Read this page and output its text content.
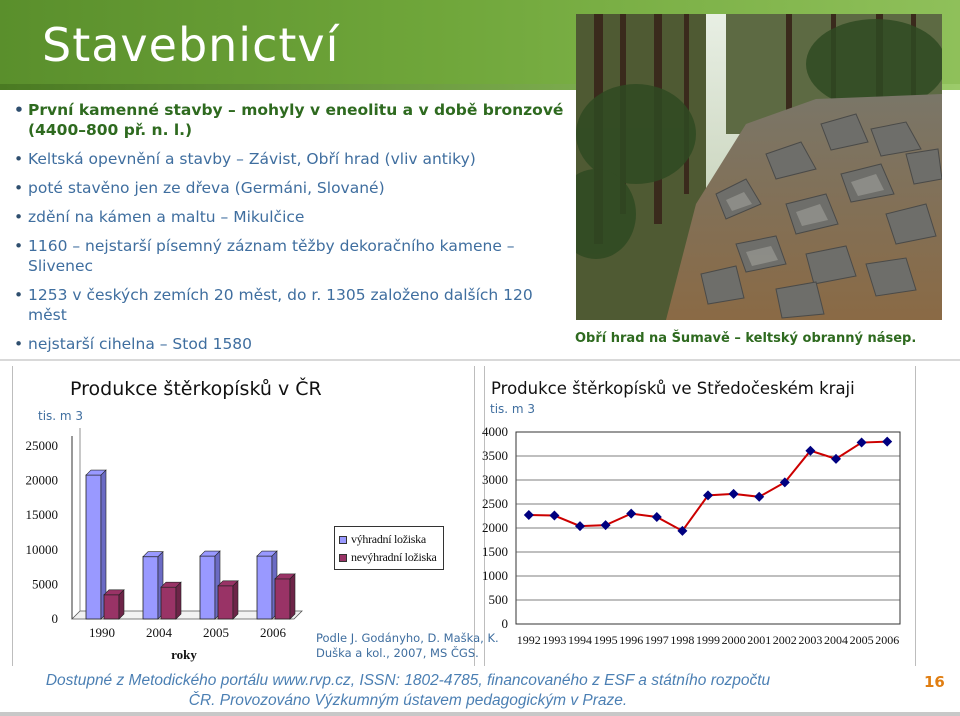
Stavebnictví
• První kamenné stavby – mohyly v eneolitu a v době bronzové (4400–800 př. n. l.)
• Keltská opevnění a stavby – Závist, Obří hrad (vliv antiky)
• poté stavěno jen ze dřeva (Germáni, Slované)
• zdění na kámen a maltu – Mikulčice
• 1160 – nejstarší písemný záznam těžby dekoračního kamene – Slivenec
• 1253 v českých zemích 20 měst, do r. 1305 založeno dalších 120 měst
• nejstarší cihelna – Stod 1580	Obří hrad na Šumavě – keltský obranný násep.
Produkce štěrkopísků v ČR
tis. m 3
0
5000
10000
15000
20000
25000
1990 2004 2005 2006
roky
výhradní ložiska
nevýhradní ložiska
Podle J. Godányho, D. Maška, K.
Duška a kol., 2007, MS ČGS.
Produkce štěrkopísků ve Středočeském kraji
tis. m 3
0
500
1000
1500
2000
2500
3000
3500
4000
1992 1993 1994 1995 1996 1997 1998 1999 2000 2001 2002 2003 2004 2005 2006
Dostupné z Metodického portálu www.rvp.cz, ISSN: 1802-4785, financovaného z ESF a státního rozpočtu
ČR. Provozováno Výzkumným ústavem pedagogickým v Praze.
16
